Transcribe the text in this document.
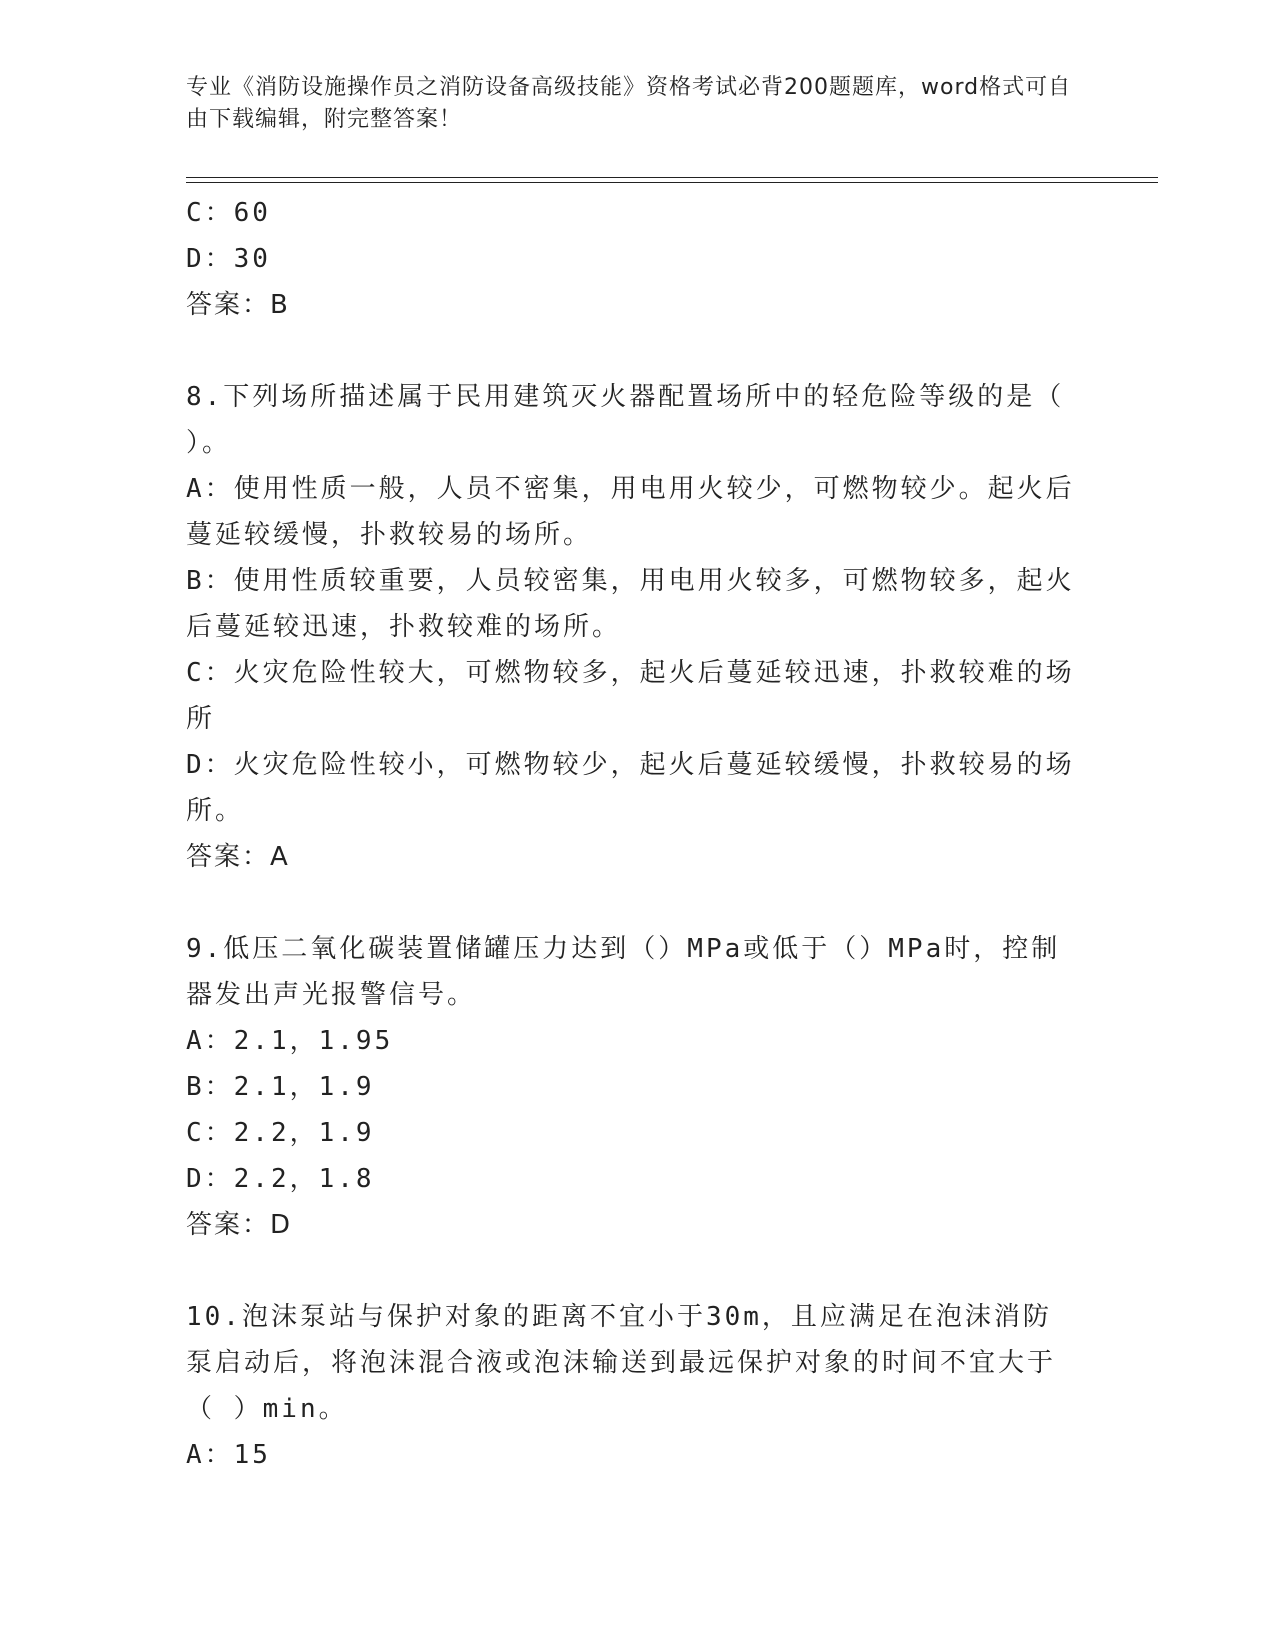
专业《消防设施操作员之消防设备高级技能》资格考试必背200题题库，word格式可自由下载编辑，附完整答案！
C：60
D：30
答案：B
8.下列场所描述属于民用建筑灭火器配置场所中的轻危险等级的是（ ）。
A：使用性质一般，人员不密集，用电用火较少，可燃物较少。起火后蔓延较缓慢，扑救较易的场所。
B：使用性质较重要，人员较密集，用电用火较多，可燃物较多，起火后蔓延较迅速，扑救较难的场所。
C：火灾危险性较大，可燃物较多，起火后蔓延较迅速，扑救较难的场所
D：火灾危险性较小，可燃物较少，起火后蔓延较缓慢，扑救较易的场所。
答案：A
9.低压二氧化碳装置储罐压力达到（）MPa或低于（）MPa时，控制器发出声光报警信号。
A：2.1，1.95
B：2.1，1.9
C：2.2，1.9
D：2.2，1.8
答案：D
10.泡沫泵站与保护对象的距离不宜小于30m，且应满足在泡沫消防泵启动后，将泡沫混合液或泡沫输送到最远保护对象的时间不宜大于（ ）min。
A：15
